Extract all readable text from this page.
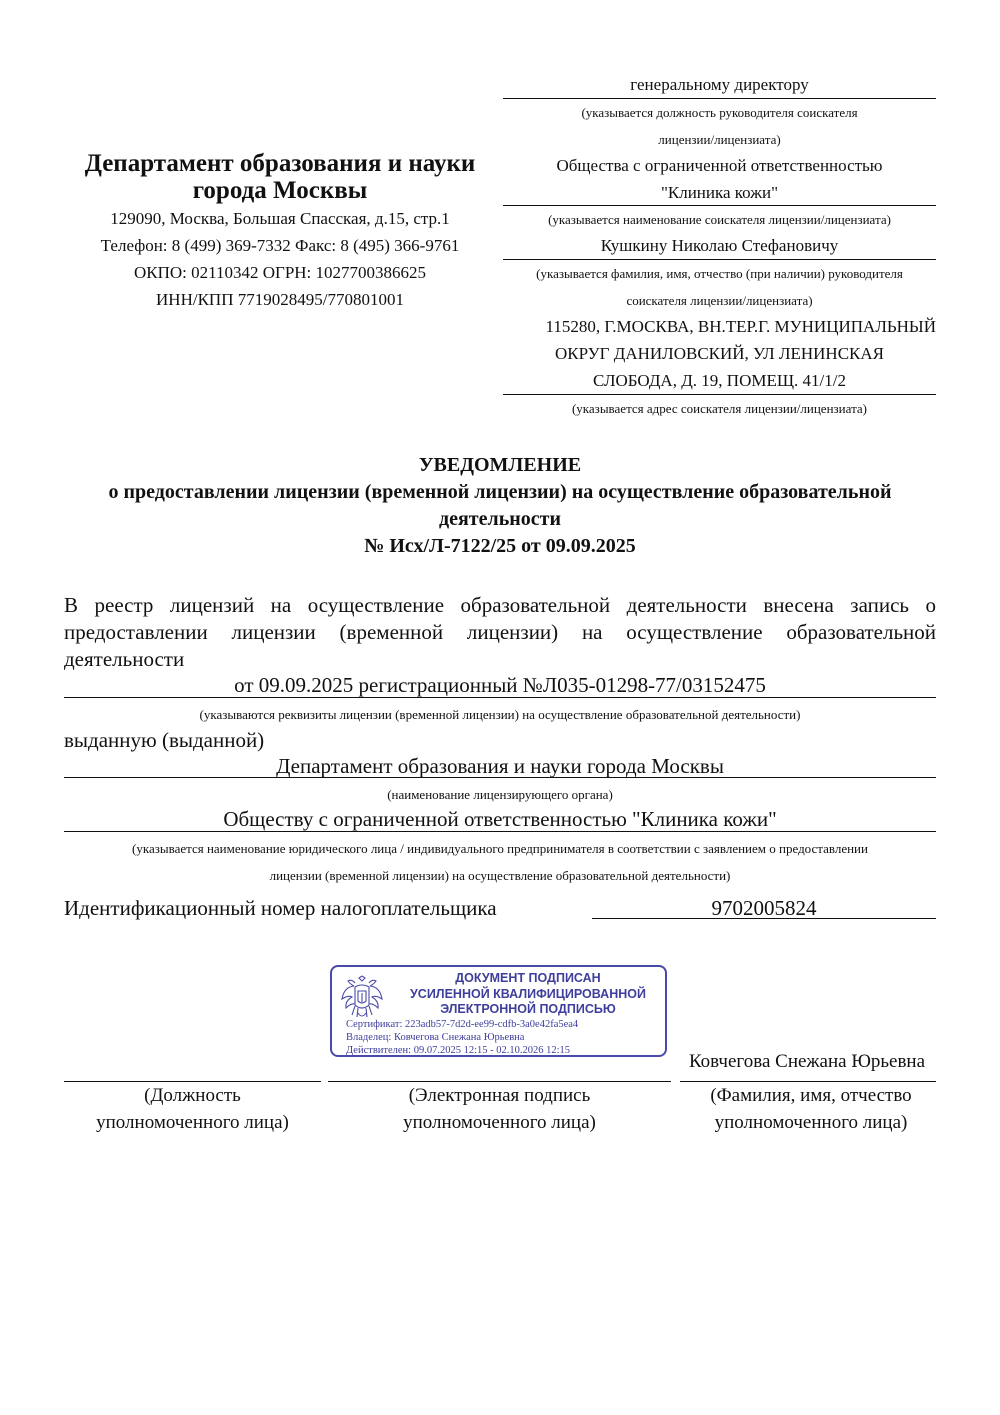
Департамент образования и науки города Москвы
129090, Москва, Большая Спасская, д.15, стр.1
Телефон: 8 (499) 369-7332 Факс: 8 (495) 366-9761
ОКПО: 02110342 ОГРН: 1027700386625
ИНН/КПП 7719028495/770801001
генеральному директору
(указывается должность руководителя соискателя
лицензии/лицензиата)
Общества с ограниченной ответственностью
"Клиника кожи"
(указывается наименование соискателя лицензии/лицензиата)
Кушкину Николаю Стефановичу
(указывается фамилия, имя, отчество (при наличии) руководителя
соискателя лицензии/лицензиата)
115280, Г.МОСКВА, ВН.ТЕР.Г. МУНИЦИПАЛЬНЫЙ
ОКРУГ ДАНИЛОВСКИЙ, УЛ ЛЕНИНСКАЯ
СЛОБОДА, Д. 19, ПОМЕЩ. 41/1/2
(указывается адрес соискателя лицензии/лицензиата)
УВЕДОМЛЕНИЕ
о предоставлении лицензии (временной лицензии) на осуществление образовательной
деятельности
№ Исх/Л-7122/25 от 09.09.2025
В реестр лицензий на осуществление образовательной деятельности внесена запись о
предоставлении лицензии (временной лицензии) на осуществление образовательной
деятельности
от 09.09.2025 регистрационный №Л035-01298-77/03152475
(указываются реквизиты лицензии (временной лицензии) на осуществление образовательной деятельности)
выданную (выданной)
Департамент образования и науки города Москвы
(наименование лицензирующего органа)
Обществу с ограниченной ответственностью "Клиника кожи"
(указывается наименование юридического лица / индивидуального предпринимателя в соответствии с заявлением о предоставлении
лицензии (временной лицензии) на осуществление образовательной деятельности)
Идентификационный номер налогоплательщика	9702005824
ДОКУМЕНТ ПОДПИСАН
УСИЛЕННОЙ КВАЛИФИЦИРОВАННОЙ
ЭЛЕКТРОННОЙ ПОДПИСЬЮ
Сертификат: 223adb57-7d2d-ee99-cdfb-3a0e42fa5ea4
Владелец: Ковчегова Снежана Юрьевна
Действителен: 09.07.2025 12:15 - 02.10.2026 12:15
Ковчегова Снежана Юрьевна
(Должность
уполномоченного лица)
(Электронная подпись
уполномоченного лица)
(Фамилия, имя, отчество
уполномоченного лица)
